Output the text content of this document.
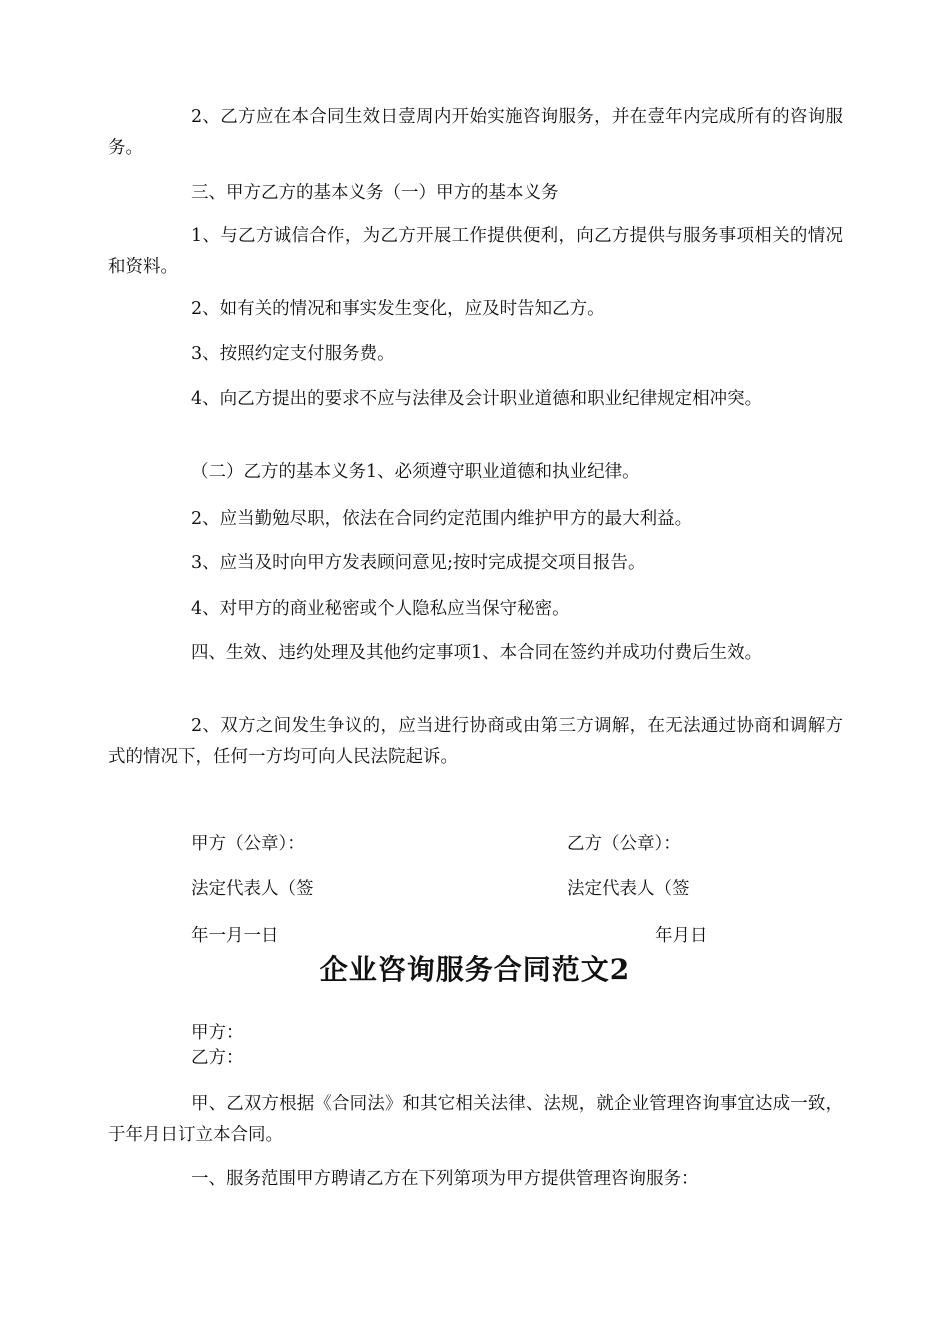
2、乙方应在本合同生效日壹周内开始实施咨询服务，并在壹年内完成所有的咨询服务。

三、甲方乙方的基本义务（一）甲方的基本义务

1、与乙方诚信合作，为乙方开展工作提供便利，向乙方提供与服务事项相关的情况和资料。

2、如有关的情况和事实发生变化，应及时告知乙方。

3、按照约定支付服务费。

4、向乙方提出的要求不应与法律及会计职业道德和职业纪律规定相冲突。

（二）乙方的基本义务1、必须遵守职业道德和执业纪律。

2、应当勤勉尽职，依法在合同约定范围内维护甲方的最大利益。

3、应当及时向甲方发表顾问意见;按时完成提交项目报告。

4、对甲方的商业秘密或个人隐私应当保守秘密。

四、生效、违约处理及其他约定事项1、本合同在签约并成功付费后生效。

2、双方之间发生争议的，应当进行协商或由第三方调解，在无法通过协商和调解方式的情况下，任何一方均可向人民法院起诉。

甲方（公章）：	乙方（公章）：

法定代表人（签	法定代表人（签

年一月一日	年月日

企业咨询服务合同范文2

甲方：

乙方：

甲、乙双方根据《合同法》和其它相关法律、法规，就企业管理咨询事宜达成一致，于年月日订立本合同。

一、服务范围甲方聘请乙方在下列第项为甲方提供管理咨询服务：
